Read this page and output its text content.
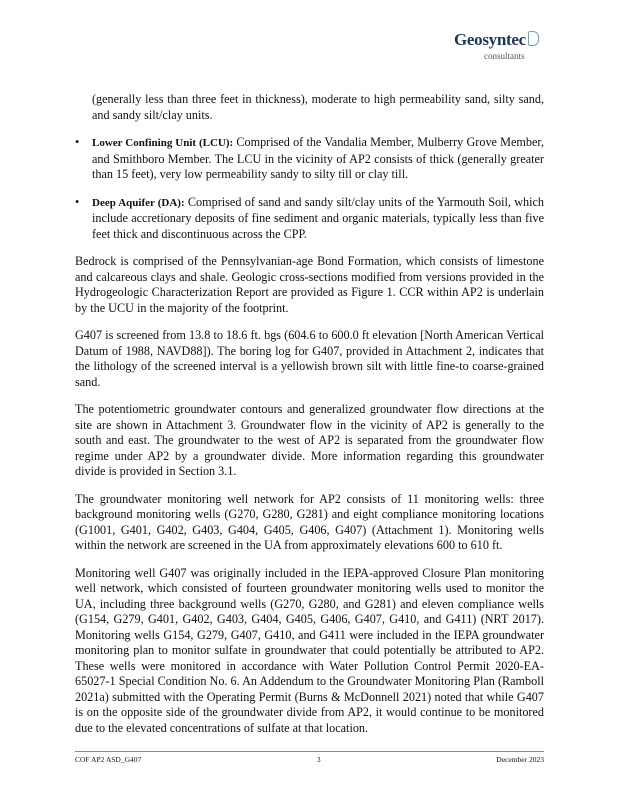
Geosyntec
consultants

(generally less than three feet in thickness), moderate to high permeability sand, silty sand, and sandy silt/clay units.

• Lower Confining Unit (LCU): Comprised of the Vandalia Member, Mulberry Grove Member, and Smithboro Member. The LCU in the vicinity of AP2 consists of thick (generally greater than 15 feet), very low permeability sandy to silty till or clay till.
• Deep Aquifer (DA): Comprised of sand and sandy silt/clay units of the Yarmouth Soil, which include accretionary deposits of fine sediment and organic materials, typically less than five feet thick and discontinuous across the CPP.

Bedrock is comprised of the Pennsylvanian-age Bond Formation, which consists of limestone and calcareous clays and shale. Geologic cross-sections modified from versions provided in the Hydrogeologic Characterization Report are provided as Figure 1. CCR within AP2 is underlain by the UCU in the majority of the footprint.

G407 is screened from 13.8 to 18.6 ft. bgs (604.6 to 600.0 ft elevation [North American Vertical Datum of 1988, NAVD88]). The boring log for G407, provided in Attachment 2, indicates that the lithology of the screened interval is a yellowish brown silt with little fine-to coarse-grained sand.

The potentiometric groundwater contours and generalized groundwater flow directions at the site are shown in Attachment 3. Groundwater flow in the vicinity of AP2 is generally to the south and east. The groundwater to the west of AP2 is separated from the groundwater flow regime under AP2 by a groundwater divide. More information regarding this groundwater divide is provided in Section 3.1.

The groundwater monitoring well network for AP2 consists of 11 monitoring wells: three background monitoring wells (G270, G280, G281) and eight compliance monitoring locations (G1001, G401, G402, G403, G404, G405, G406, G407) (Attachment 1). Monitoring wells within the network are screened in the UA from approximately elevations 600 to 610 ft.

Monitoring well G407 was originally included in the IEPA-approved Closure Plan monitoring well network, which consisted of fourteen groundwater monitoring wells used to monitor the UA, including three background wells (G270, G280, and G281) and eleven compliance wells (G154, G279, G401, G402, G403, G404, G405, G406, G407, G410, and G411) (NRT 2017). Monitoring wells G154, G279, G407, G410, and G411 were included in the IEPA groundwater monitoring plan to monitor sulfate in groundwater that could potentially be attributed to AP2. These wells were monitored in accordance with Water Pollution Control Permit 2020-EA-65027-1 Special Condition No. 6. An Addendum to the Groundwater Monitoring Plan (Ramboll 2021a) submitted with the Operating Permit (Burns & McDonnell 2021) noted that while G407 is on the opposite side of the groundwater divide from AP2, it would continue to be monitored due to the elevated concentrations of sulfate at that location.

COF AP2 ASD_G407	3	December 2023
